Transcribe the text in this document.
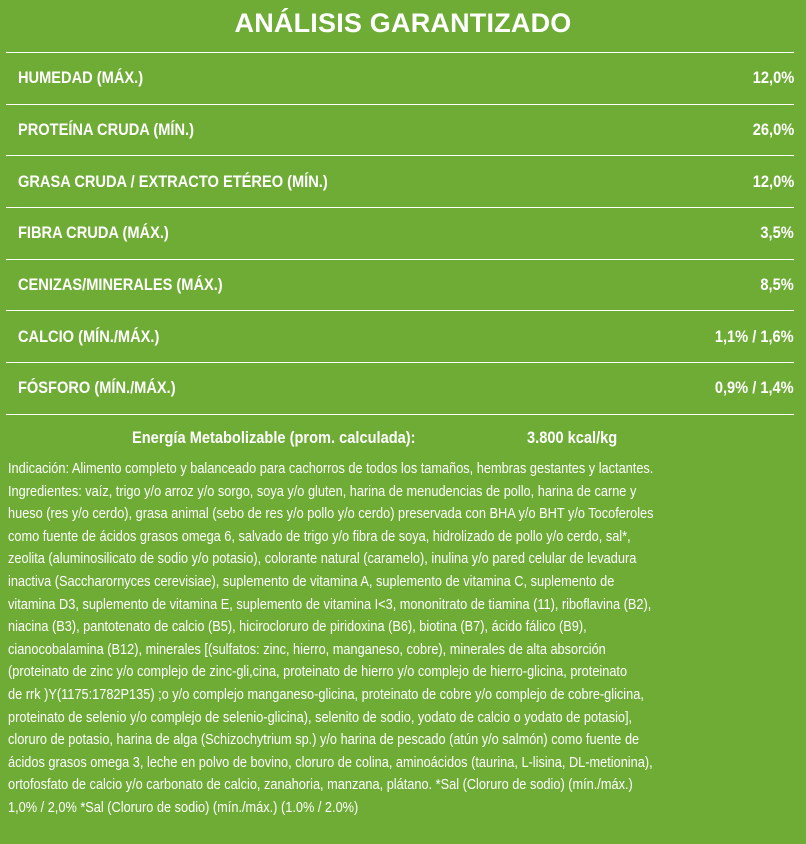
ANÁLISIS GARANTIZADO
HUMEDAD (MÁX.)	12,0%
PROTEÍNA CRUDA (MÍN.)	26,0%
GRASA CRUDA / EXTRACTO ETÉREO (MÍN.)	12,0%
FIBRA CRUDA (MÁX.)	3,5%
CENIZAS/MINERALES (MÁX.)	8,5%
CALCIO (MÍN./MÁX.)	1,1% / 1,6%
FÓSFORO (MÍN./MÁX.)	0,9% / 1,4%
Energía Metabolizable (prom. calculada):	3.800 kcal/kg
Indicación: Alimento completo y balanceado para cachorros de todos los tamaños, hembras gestantes y lactantes.
Ingredientes: vaíz, trigo y/o arroz y/o sorgo, soya y/o gluten, harina de menudencias de pollo, harina de carne y
hueso (res y/o cerdo), grasa animal (sebo de res y/o pollo y/o cerdo) preservada con BHA y/o BHT y/o Tocoferoles
como fuente de ácidos grasos omega 6, salvado de trigo y/o fibra de soya, hidrolizado de pollo y/o cerdo, sal*,
zeolita (aluminosilicato de sodio y/o potasio), colorante natural (caramelo), inulina y/o pared celular de levadura
inactiva (Saccharornyces cerevisiae), suplemento de vitamina A, suplemento de vitamina C, suplemento de
vitamina D3, suplemento de vitamina E, suplemento de vitamina I<3, mononitrato de tiamina (11), riboflavina (B2),
niacina (B3), pantotenato de calcio (B5), hiciroclorurо de piridoxina (B6), biotina (B7), ácido fálico (B9),
cianocobalamina (B12), minerales [(sulfatos: zinc, hierro, manganeso, cobre), minerales de alta absorción
(proteinato de zinc y/o complejo de zinc-gli,cina, proteinato de hierro y/o complejo de hierro-glicina, proteinato
de rrk )Y(1175:1782P135) ;o y/o complejo manganeso-glicina, proteinato de cobre y/o complejo de cobre-glicina,
proteinato de selenio y/o complejo de selenio-glicina), selenito de sodio, yodato de calcio o yodato de potasio],
cloruro de potasio, harina de alga (Schizochytrium sp.) y/o harina de pescado (atún y/o salmón) como fuente de
ácidos grasos omega 3, leche en polvo de bovino, cloruro de colina, aminoácidos (taurina, L-lisina, DL-metionina),
ortofosfato de calcio y/o carbonato de calcio, zanahoria, manzana, plátano. *Sal (Cloruro de sodio) (mín./máx.)
1,0% / 2,0% *Sal (Cloruro de sodio) (mín./máx.) (1.0% / 2.0%)
